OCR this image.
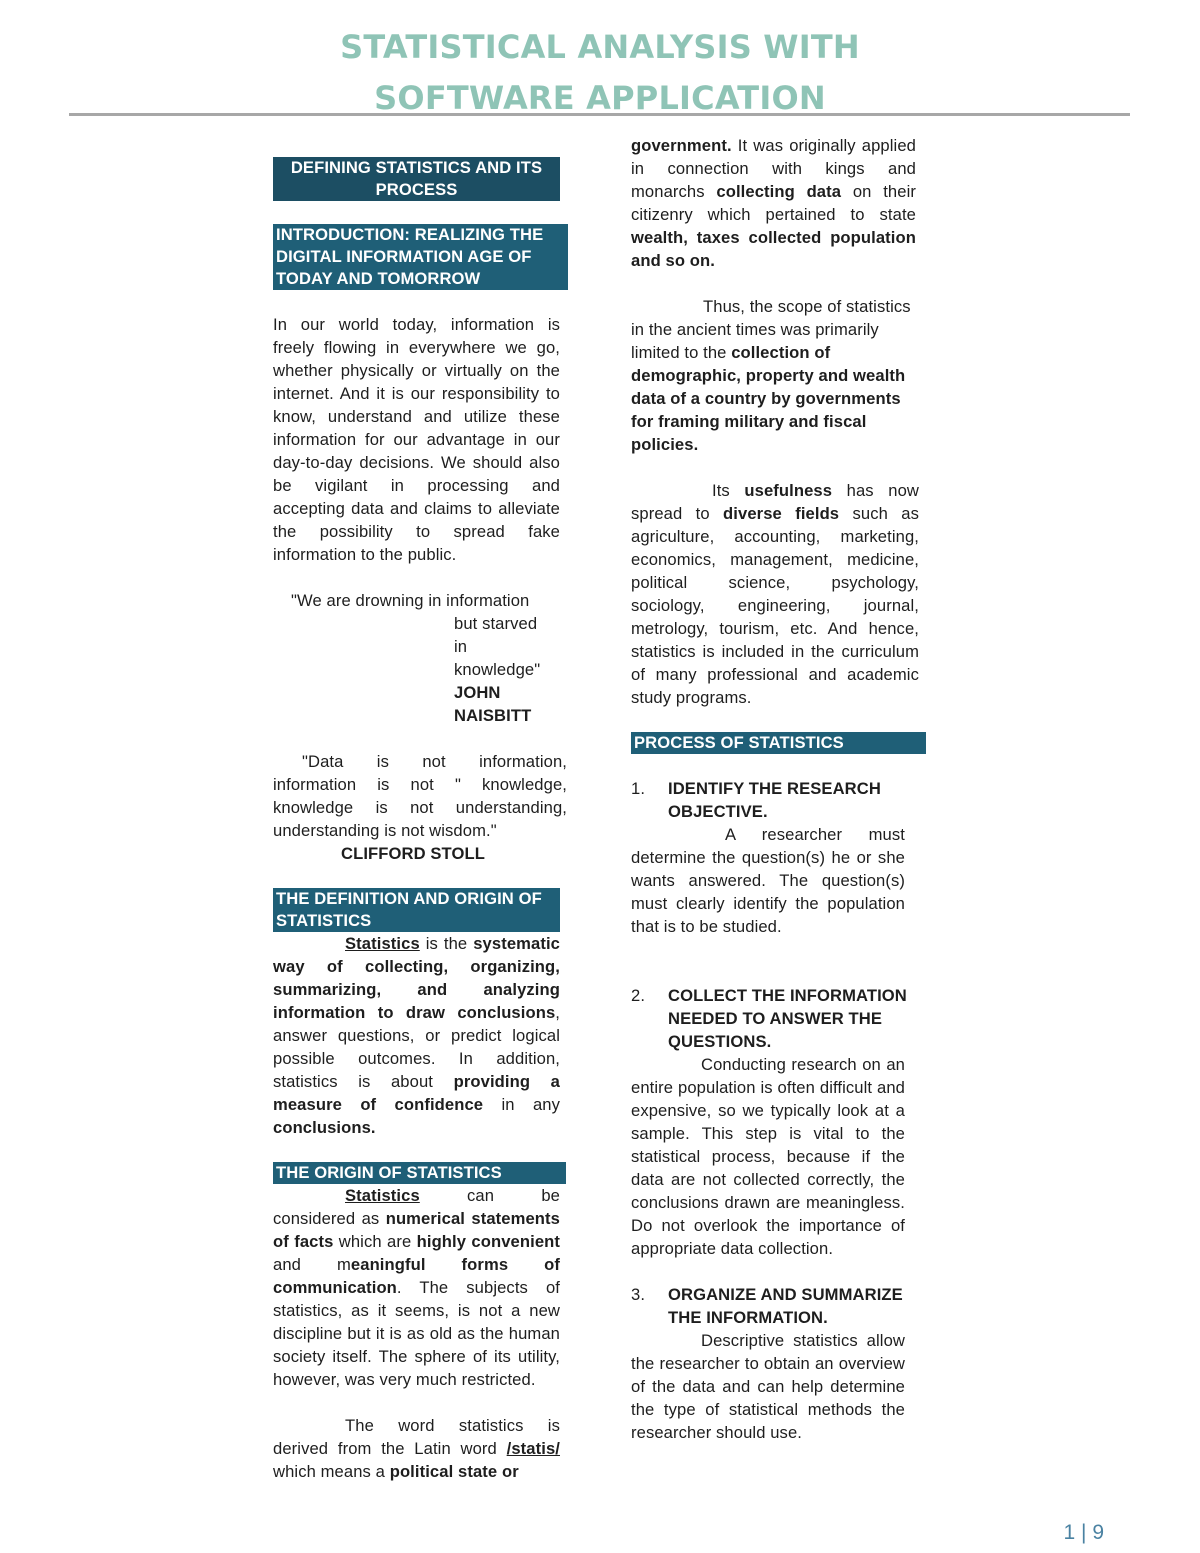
STATISTICAL ANALYSIS WITH
SOFTWARE APPLICATION
DEFINING STATISTICS AND ITS PROCESS
INTRODUCTION: REALIZING THE DIGITAL INFORMATION AGE OF TODAY AND TOMORROW

In our world today, information is freely flowing in everywhere we go, whether physically or virtually on the internet. And it is our responsibility to know, understand and utilize these information for our advantage in our day-to-day decisions. We should also be vigilant in processing and accepting data and claims to alleviate the possibility to spread fake information to the public.

"We are drowning in information

but starved

in

knowledge"

JOHN

NAISBITT

"Data is not information, information is not " knowledge, knowledge is not understanding, understanding is not wisdom."

CLIFFORD STOLL

THE DEFINITION AND ORIGIN OF STATISTICS

Statistics is the systematic way of collecting, organizing, summarizing, and analyzing information to draw conclusions, answer questions, or predict logical possible outcomes. In addition, statistics is about providing a measure of confidence in any conclusions.

THE ORIGIN OF STATISTICS

Statistics can be considered as numerical statements of facts which are highly convenient and meaningful forms of communication. The subjects of statistics, as it seems, is not a new discipline but it is as old as the human society itself. The sphere of its utility, however, was very much restricted.

The word statistics is derived from the Latin word /statis/ which means a political state or

government. It was originally applied in connection with kings and monarchs collecting data on their citizenry which pertained to state wealth, taxes collected population and so on.

Thus, the scope of statistics in the ancient times was primarily limited to the collection of demographic, property and wealth data of a country by governments for framing military and fiscal policies.

Its usefulness has now spread to diverse fields such as agriculture, accounting, marketing, economics, management, medicine, political science, psychology, sociology, engineering, journal, metrology, tourism, etc. And hence, statistics is included in the curriculum of many professional and academic study programs.

PROCESS OF STATISTICS
1.	IDENTIFY THE RESEARCH OBJECTIVE.

A researcher must determine the question(s) he or she wants answered. The question(s) must clearly identify the population that is to be studied.

2.	COLLECT THE INFORMATION NEEDED TO ANSWER THE QUESTIONS.

Conducting research on an entire population is often difficult and expensive, so we typically look at a sample. This step is vital to the statistical process, because if the data are not collected correctly, the conclusions drawn are meaningless. Do not overlook the importance of appropriate data collection.

3.	ORGANIZE AND SUMMARIZE THE INFORMATION.

Descriptive statistics allow the researcher to obtain an overview of the data and can help determine the type of statistical methods the researcher should use.

1 | 9
